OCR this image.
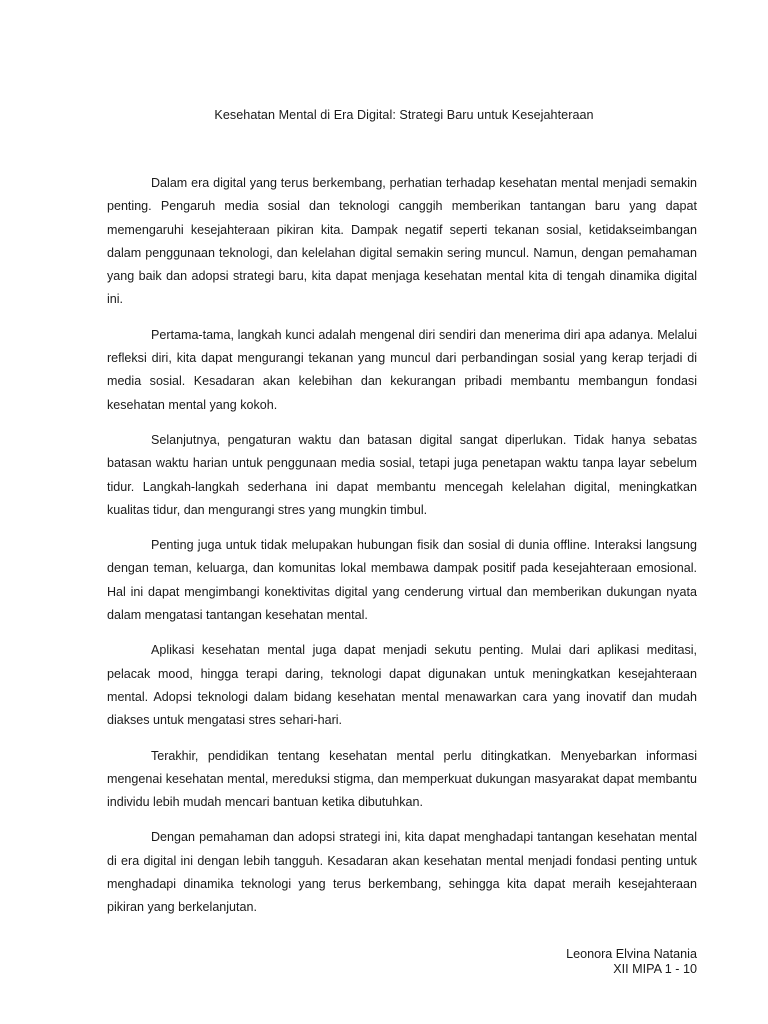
Kesehatan Mental di Era Digital: Strategi Baru untuk Kesejahteraan

Dalam era digital yang terus berkembang, perhatian terhadap kesehatan mental menjadi semakin penting. Pengaruh media sosial dan teknologi canggih memberikan tantangan baru yang dapat memengaruhi kesejahteraan pikiran kita. Dampak negatif seperti tekanan sosial, ketidakseimbangan dalam penggunaan teknologi, dan kelelahan digital semakin sering muncul. Namun, dengan pemahaman yang baik dan adopsi strategi baru, kita dapat menjaga kesehatan mental kita di tengah dinamika digital ini.

Pertama-tama, langkah kunci adalah mengenal diri sendiri dan menerima diri apa adanya. Melalui refleksi diri, kita dapat mengurangi tekanan yang muncul dari perbandingan sosial yang kerap terjadi di media sosial. Kesadaran akan kelebihan dan kekurangan pribadi membantu membangun fondasi kesehatan mental yang kokoh.

Selanjutnya, pengaturan waktu dan batasan digital sangat diperlukan. Tidak hanya sebatas batasan waktu harian untuk penggunaan media sosial, tetapi juga penetapan waktu tanpa layar sebelum tidur. Langkah-langkah sederhana ini dapat membantu mencegah kelelahan digital, meningkatkan kualitas tidur, dan mengurangi stres yang mungkin timbul.

Penting juga untuk tidak melupakan hubungan fisik dan sosial di dunia offline. Interaksi langsung dengan teman, keluarga, dan komunitas lokal membawa dampak positif pada kesejahteraan emosional. Hal ini dapat mengimbangi konektivitas digital yang cenderung virtual dan memberikan dukungan nyata dalam mengatasi tantangan kesehatan mental.

Aplikasi kesehatan mental juga dapat menjadi sekutu penting. Mulai dari aplikasi meditasi, pelacak mood, hingga terapi daring, teknologi dapat digunakan untuk meningkatkan kesejahteraan mental. Adopsi teknologi dalam bidang kesehatan mental menawarkan cara yang inovatif dan mudah diakses untuk mengatasi stres sehari-hari.

Terakhir, pendidikan tentang kesehatan mental perlu ditingkatkan. Menyebarkan informasi mengenai kesehatan mental, mereduksi stigma, dan memperkuat dukungan masyarakat dapat membantu individu lebih mudah mencari bantuan ketika dibutuhkan.

Dengan pemahaman dan adopsi strategi ini, kita dapat menghadapi tantangan kesehatan mental di era digital ini dengan lebih tangguh. Kesadaran akan kesehatan mental menjadi fondasi penting untuk menghadapi dinamika teknologi yang terus berkembang, sehingga kita dapat meraih kesejahteraan pikiran yang berkelanjutan.

Leonora Elvina Natania
XII MIPA 1 - 10
